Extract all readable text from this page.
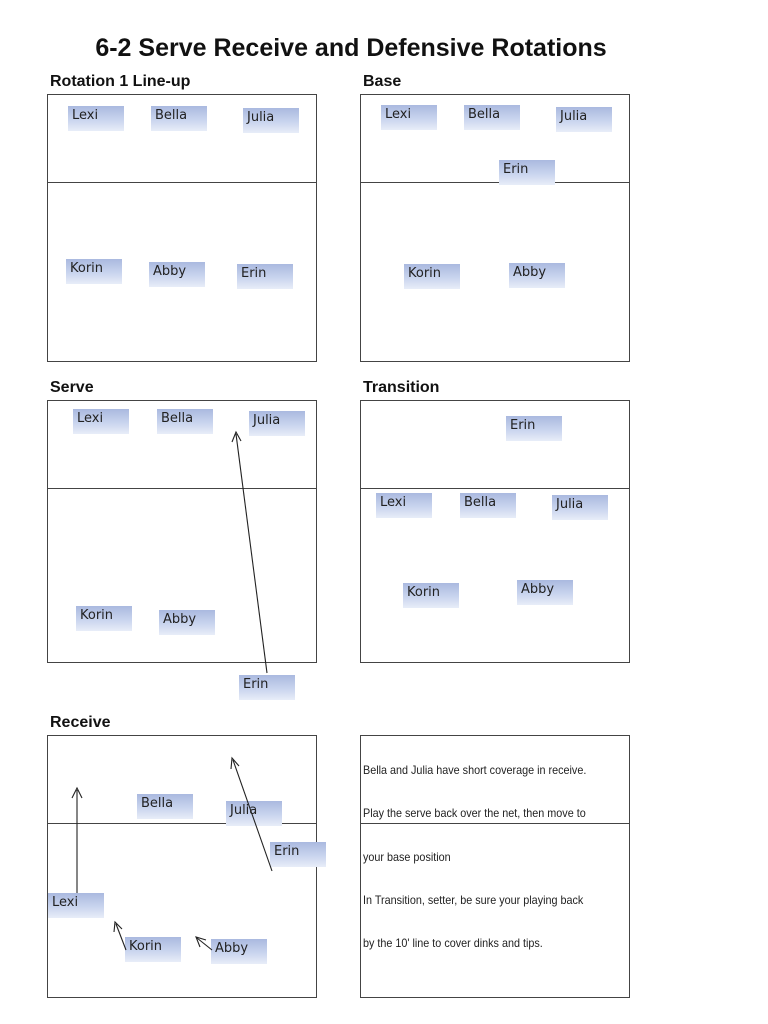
6-2 Serve Receive and Defensive Rotations
Rotation 1 Line-up
Lexi	Bella	Julia
Korin	Abby	Erin
Base
Lexi	Bella	Julia
Erin
Korin	Abby
Serve
Lexi	Bella	Julia
Korin	Abby
Erin
Transition
Erin
Lexi	Bella	Julia
Korin	Abby
Receive
Bella	Julia
Erin
Lexi
Korin	Abby
Bella and Julia have short coverage in receive.
Play the serve back over the net, then move to
your base position
In Transition, setter, be sure your playing back
by the 10' line to cover dinks and tips.
